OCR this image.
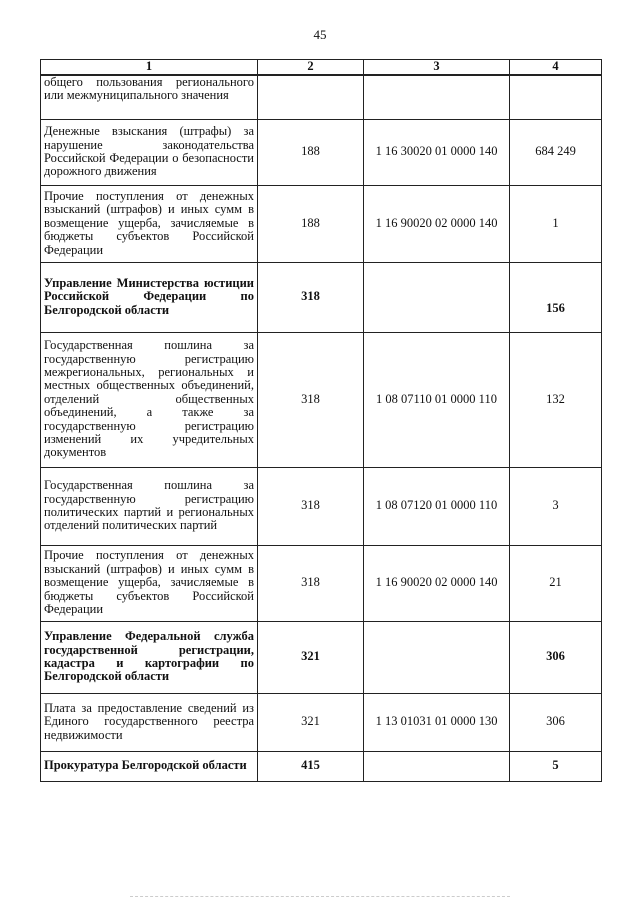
45
1	2	3	4
общего пользования регионального или межмуниципального значения			
Денежные взыскания (штрафы) за нарушение законодательства Российской Федерации о безопасности дорожного движения	188	1 16 30020 01 0000 140	684 249
Прочие поступления от денежных взысканий (штрафов) и иных сумм в возмещение ущерба, зачисляемые в бюджеты субъектов Российской Федерации	188	1 16 90020 02 0000 140	1
Управление Министерства юстиции Российской Федерации по Белгородской области	318		156
Государственная пошлина за государственную регистрацию межрегиональных, региональных и местных общественных объединений, отделений общественных объединений, а также за государственную регистрацию изменений их учредительных документов	318	1 08 07110 01 0000 110	132
Государственная пошлина за государственную регистрацию политических партий и региональных отделений политических партий	318	1 08 07120 01 0000 110	3
Прочие поступления от денежных взысканий (штрафов) и иных сумм в возмещение ущерба, зачисляемые в бюджеты субъектов Российской Федерации	318	1 16 90020 02 0000 140	21
Управление Федеральной служба государственной регистрации, кадастра и картографии по Белгородской области	321		306
Плата за предоставление сведений из Единого государственного реестра недвижимости	321	1 13 01031 01 0000 130	306
Прокуратура Белгородской области	415		5
